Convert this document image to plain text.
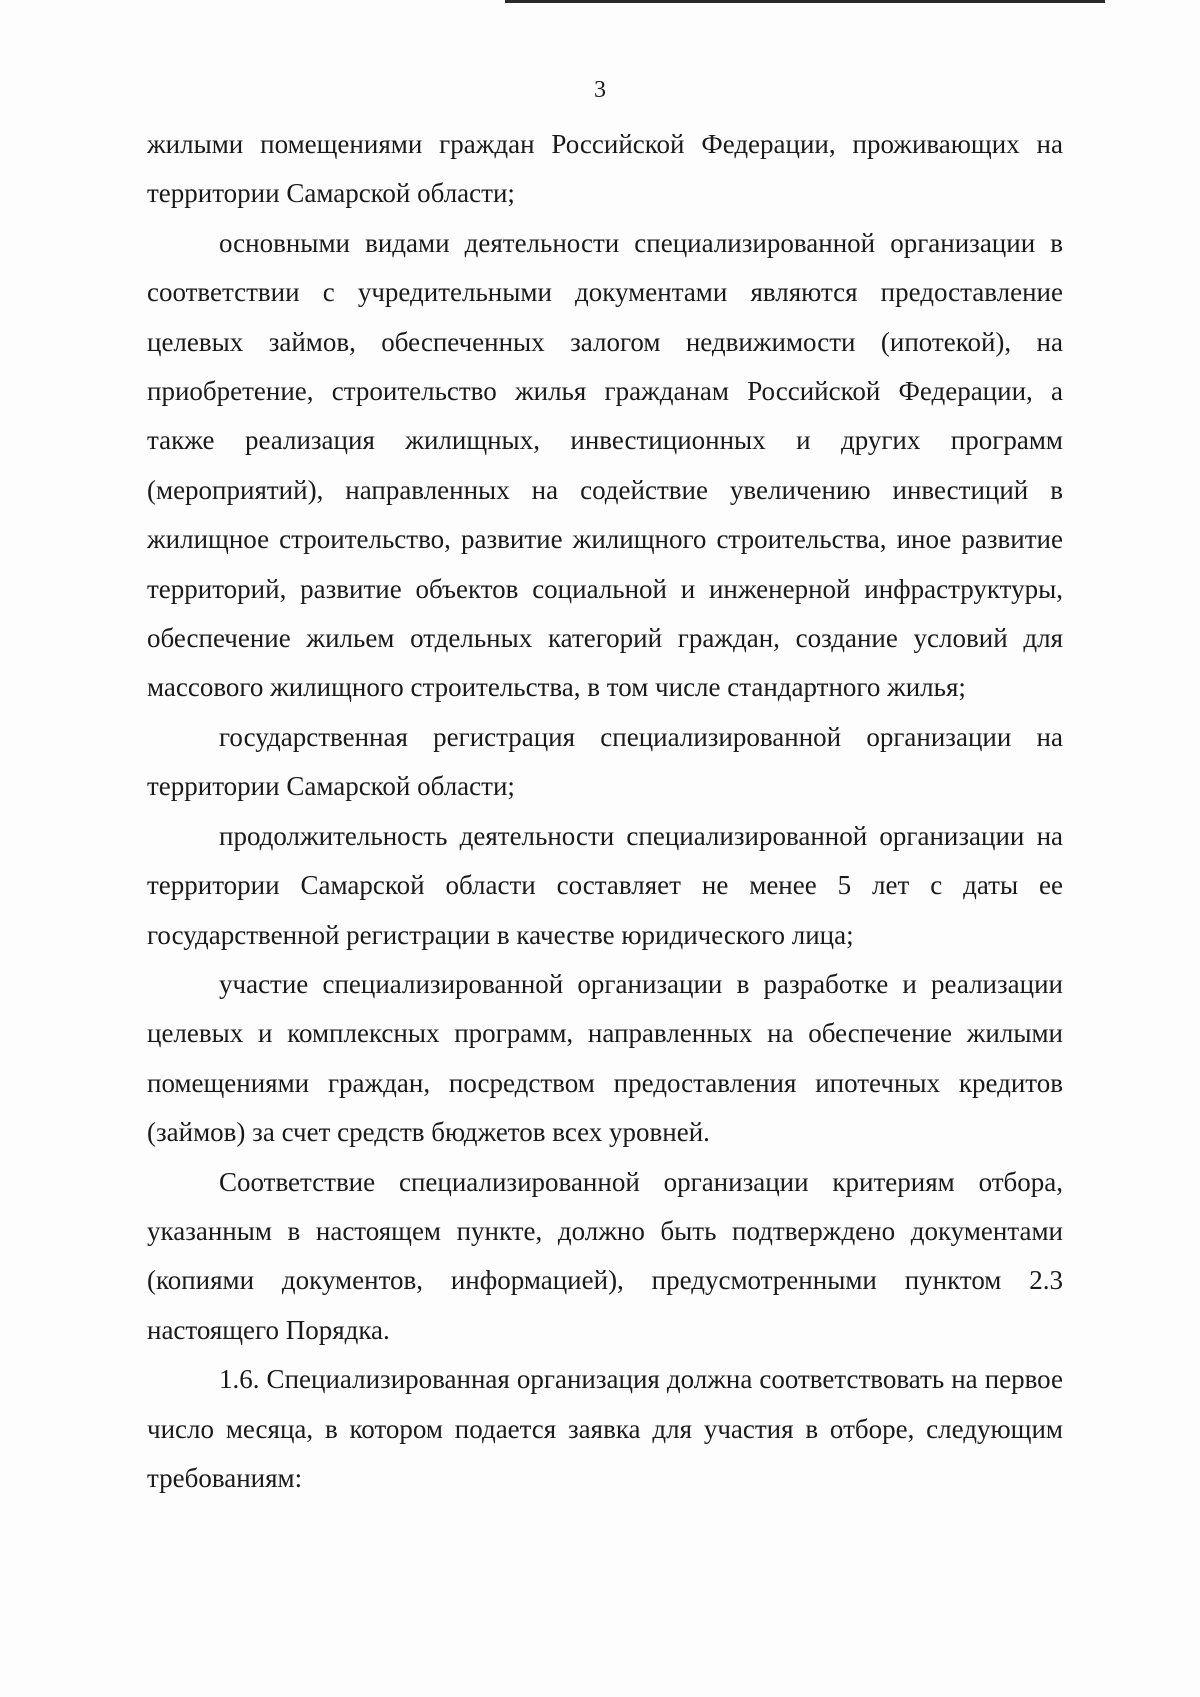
3

жилыми помещениями граждан Российской Федерации, проживающих на территории Самарской области;

основными видами деятельности специализированной организации в соответствии с учредительными документами являются предоставление целевых займов, обеспеченных залогом недвижимости (ипотекой), на приобретение, строительство жилья гражданам Российской Федерации, а также реализация жилищных, инвестиционных и других программ (мероприятий), направленных на содействие увеличению инвестиций в жилищное строительство, развитие жилищного строительства, иное развитие территорий, развитие объектов социальной и инженерной инфраструктуры, обеспечение жильем отдельных категорий граждан, создание условий для массового жилищного строительства, в том числе стандартного жилья;

государственная регистрация специализированной организации на территории Самарской области;

продолжительность деятельности специализированной организации на территории Самарской области составляет не менее 5 лет с даты ее государственной регистрации в качестве юридического лица;

участие специализированной организации в разработке и реализации целевых и комплексных программ, направленных на обеспечение жилыми помещениями граждан, посредством предоставления ипотечных кредитов (займов) за счет средств бюджетов всех уровней.

Соответствие специализированной организации критериям отбора, указанным в настоящем пункте, должно быть подтверждено документами (копиями документов, информацией), предусмотренными пунктом 2.3 настоящего Порядка.

1.6. Специализированная организация должна соответствовать на первое число месяца, в котором подается заявка для участия в отборе, следующим требованиям:
